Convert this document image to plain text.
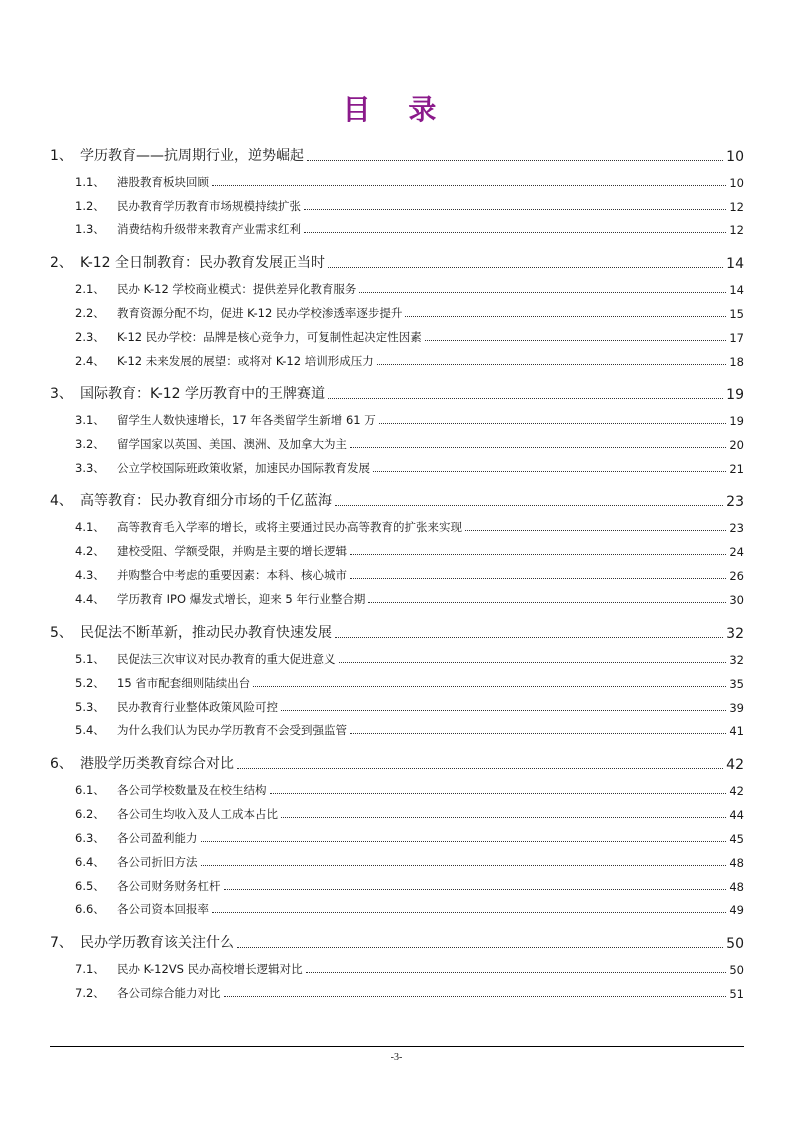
目 录
1、 学历教育——抗周期行业，逆势崛起	10
1.1、	港股教育板块回顾	10
1.2、	民办教育学历教育市场规模持续扩张	12
1.3、	消费结构升级带来教育产业需求红利	12
2、 K-12 全日制教育：民办教育发展正当时	14
2.1、	民办 K-12 学校商业模式：提供差异化教育服务	14
2.2、	教育资源分配不均，促进 K-12 民办学校渗透率逐步提升	15
2.3、	K-12 民办学校：品牌是核心竞争力，可复制性起决定性因素	17
2.4、	K-12 未来发展的展望：或将对 K-12 培训形成压力	18
3、 国际教育：K-12 学历教育中的王牌赛道	19
3.1、	留学生人数快速增长，17 年各类留学生新增 61 万	19
3.2、	留学国家以英国、美国、澳洲、及加拿大为主	20
3.3、	公立学校国际班政策收紧，加速民办国际教育发展	21
4、 高等教育：民办教育细分市场的千亿蓝海	23
4.1、	高等教育毛入学率的增长，或将主要通过民办高等教育的扩张来实现	23
4.2、	建校受阻、学额受限，并购是主要的增长逻辑	24
4.3、	并购整合中考虑的重要因素：本科、核心城市	26
4.4、	学历教育 IPO 爆发式增长，迎来 5 年行业整合期	30
5、 民促法不断革新，推动民办教育快速发展	32
5.1、	民促法三次审议对民办教育的重大促进意义	32
5.2、	15 省市配套细则陆续出台	35
5.3、	民办教育行业整体政策风险可控	39
5.4、	为什么我们认为民办学历教育不会受到强监管	41
6、 港股学历类教育综合对比	42
6.1、	各公司学校数量及在校生结构	42
6.2、	各公司生均收入及人工成本占比	44
6.3、	各公司盈利能力	45
6.4、	各公司折旧方法	48
6.5、	各公司财务财务杠杆	48
6.6、	各公司资本回报率	49
7、 民办学历教育该关注什么	50
7.1、	民办 K-12VS 民办高校增长逻辑对比	50
7.2、	各公司综合能力对比	51
-3-
